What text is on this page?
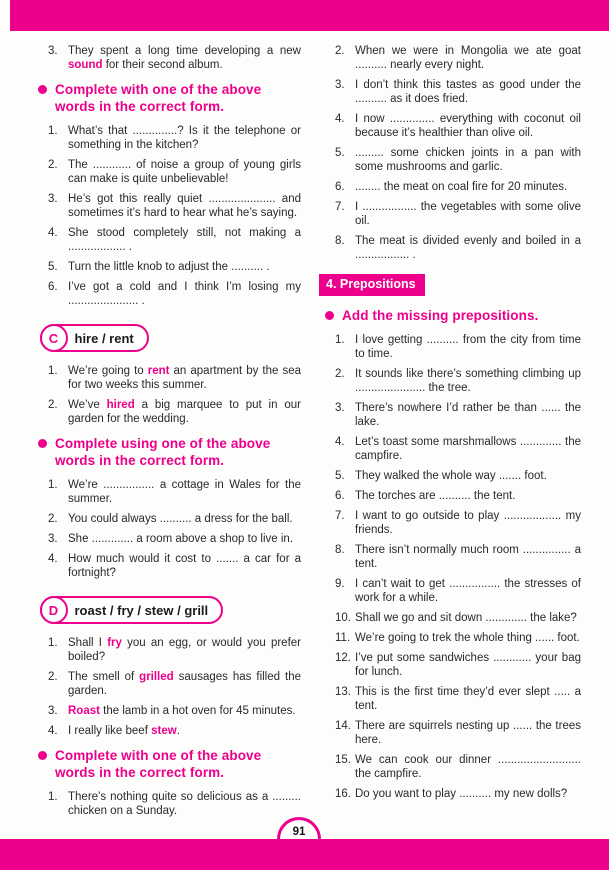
3. They spent a long time developing a new sound for their second album.
Complete with one of the above words in the correct form.
1. What’s that ..............? Is it the telephone or something in the kitchen?
2. The ............ of noise a group of young girls can make is quite unbelievable!
3. He’s got this really quiet ..................... and sometimes it’s hard to hear what he’s saying.
4. She stood completely still, not making a .................. .
5. Turn the little knob to adjust the .......... .
6. I’ve got a cold and I think I’m losing my ...................... .
C	hire / rent
1. We’re going to rent an apartment by the sea for two weeks this summer.
2. We’ve hired a big marquee to put in our garden for the wedding.
Complete using one of the above words in the correct form.
1. We’re ................ a cottage in Wales for the summer.
2. You could always .......... a dress for the ball.
3. She ............. a room above a shop to live in.
4. How much would it cost to ....... a car for a fortnight?
D	roast / fry / stew / grill
1. Shall I fry you an egg, or would you prefer boiled?
2. The smell of grilled sausages has filled the garden.
3. Roast the lamb in a hot oven for 45 minutes.
4. I really like beef stew.
Complete with one of the above words in the correct form.
1. There’s nothing quite so delicious as a ......... chicken on a Sunday.
2. When we were in Mongolia we ate goat .......... nearly every night.
3. I don’t think this tastes as good under the .......... as it does fried.
4. I now .............. everything with coconut oil because it’s healthier than olive oil.
5. ......... some chicken joints in a pan with some mushrooms and garlic.
6. ........ the meat on coal fire for 20 minutes.
7. I ................. the vegetables with some olive oil.
8. The meat is divided evenly and boiled in a ................. .
4. Prepositions
Add the missing prepositions.
1. I love getting .......... from the city from time to time.
2. It sounds like there’s something climbing up ...................... the tree.
3. There’s nowhere I’d rather be than ...... the lake.
4. Let’s toast some marshmallows ............. the campfire.
5. They walked the whole way ....... foot.
6. The torches are .......... the tent.
7. I want to go outside to play .................. my friends.
8. There isn’t normally much room ............... a tent.
9. I can’t wait to get ................ the stresses of work for a while.
10. Shall we go and sit down ............. the lake?
11. We’re going to trek the whole thing ...... foot.
12. I’ve put some sandwiches ............ your bag for lunch.
13. This is the first time they’d ever slept ..... a tent.
14. There are squirrels nesting up ...... the trees here.
15. We can cook our dinner .......................... the campfire.
16. Do you want to play .......... my new dolls?
91
